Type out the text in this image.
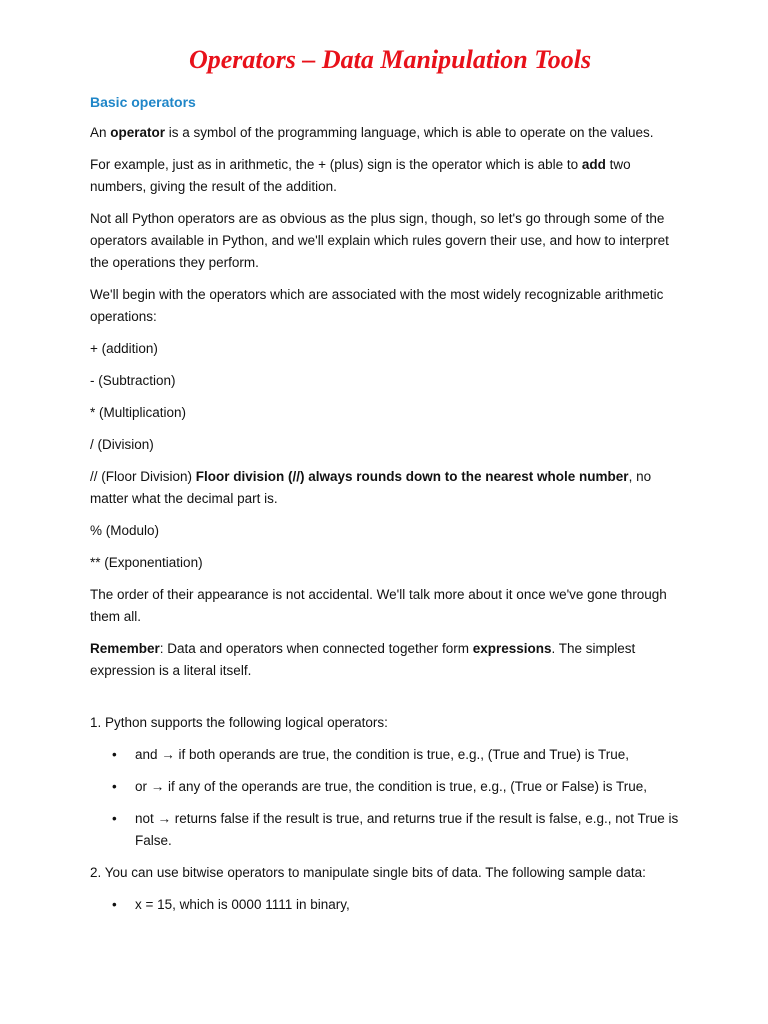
Operators – Data Manipulation Tools
Basic operators

An operator is a symbol of the programming language, which is able to operate on the values.

For example, just as in arithmetic, the + (plus) sign is the operator which is able to add two numbers, giving the result of the addition.

Not all Python operators are as obvious as the plus sign, though, so let's go through some of the operators available in Python, and we'll explain which rules govern their use, and how to interpret the operations they perform.

We'll begin with the operators which are associated with the most widely recognizable arithmetic operations:

+ (addition)

- (Subtraction)

* (Multiplication)

/ (Division)

// (Floor Division) Floor division (//) always rounds down to the nearest whole number, no matter what the decimal part is.

% (Modulo)

** (Exponentiation)

The order of their appearance is not accidental. We'll talk more about it once we've gone through them all.

Remember: Data and operators when connected together form expressions. The simplest expression is a literal itself.

1. Python supports the following logical operators:

• and → if both operands are true, the condition is true, e.g., (True and True) is True,
• or → if any of the operands are true, the condition is true, e.g., (True or False) is True,
• not → returns false if the result is true, and returns true if the result is false, e.g., not True is False.

2. You can use bitwise operators to manipulate single bits of data. The following sample data:

• x = 15, which is 0000 1111 in binary,
